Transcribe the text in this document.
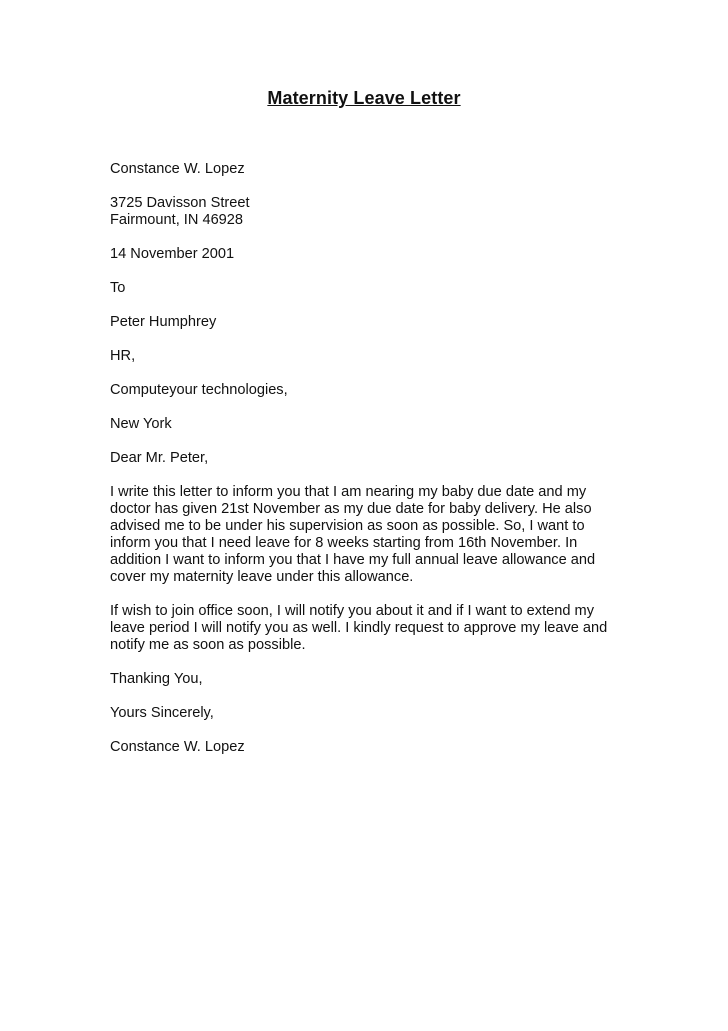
Maternity Leave Letter
Constance W. Lopez
3725 Davisson Street
Fairmount, IN 46928
14 November 2001
To
Peter Humphrey
HR,
Computeyour technologies,
New York
Dear Mr. Peter,
I write this letter to inform you that I am nearing my baby due date and my
doctor has given 21st November as my due date for baby delivery. He also
advised me to be under his supervision as soon as possible. So, I want to
inform you that I need leave for 8 weeks starting from 16th November. In
addition I want to inform you that I have my full annual leave allowance and
cover my maternity leave under this allowance.
If wish to join office soon, I will notify you about it and if I want to extend my
leave period I will notify you as well. I kindly request to approve my leave and
notify me as soon as possible.
Thanking You,
Yours Sincerely,
Constance W. Lopez
